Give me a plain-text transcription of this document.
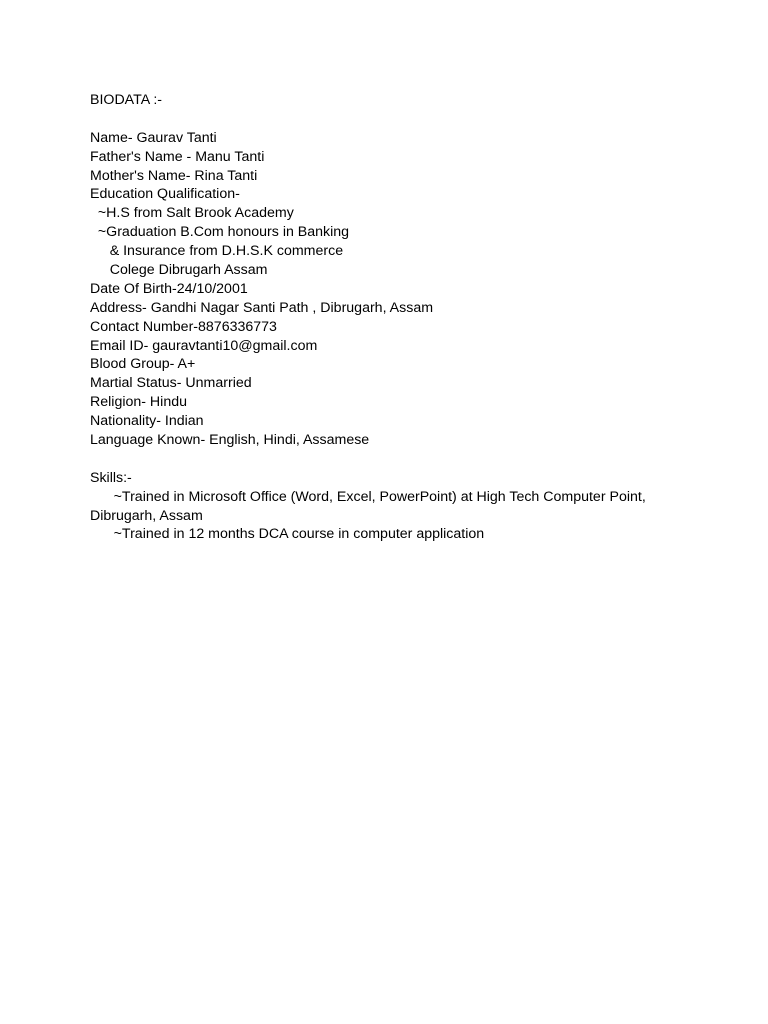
BIODATA :-
Name- Gaurav Tanti
Father's Name - Manu Tanti
Mother's Name- Rina Tanti
Education Qualification-
~H.S from Salt Brook Academy
~Graduation B.Com honours in Banking
& Insurance from D.H.S.K commerce
Colege Dibrugarh Assam
Date Of Birth-24/10/2001
Address- Gandhi Nagar Santi Path , Dibrugarh, Assam
Contact Number-8876336773
Email ID- gauravtanti10@gmail.com
Blood Group- A+
Martial Status- Unmarried
Religion- Hindu
Nationality- Indian
Language Known- English, Hindi, Assamese
Skills:-
~Trained in Microsoft Office (Word, Excel, PowerPoint) at High Tech Computer Point,
Dibrugarh, Assam
~Trained in 12 months DCA course in computer application
